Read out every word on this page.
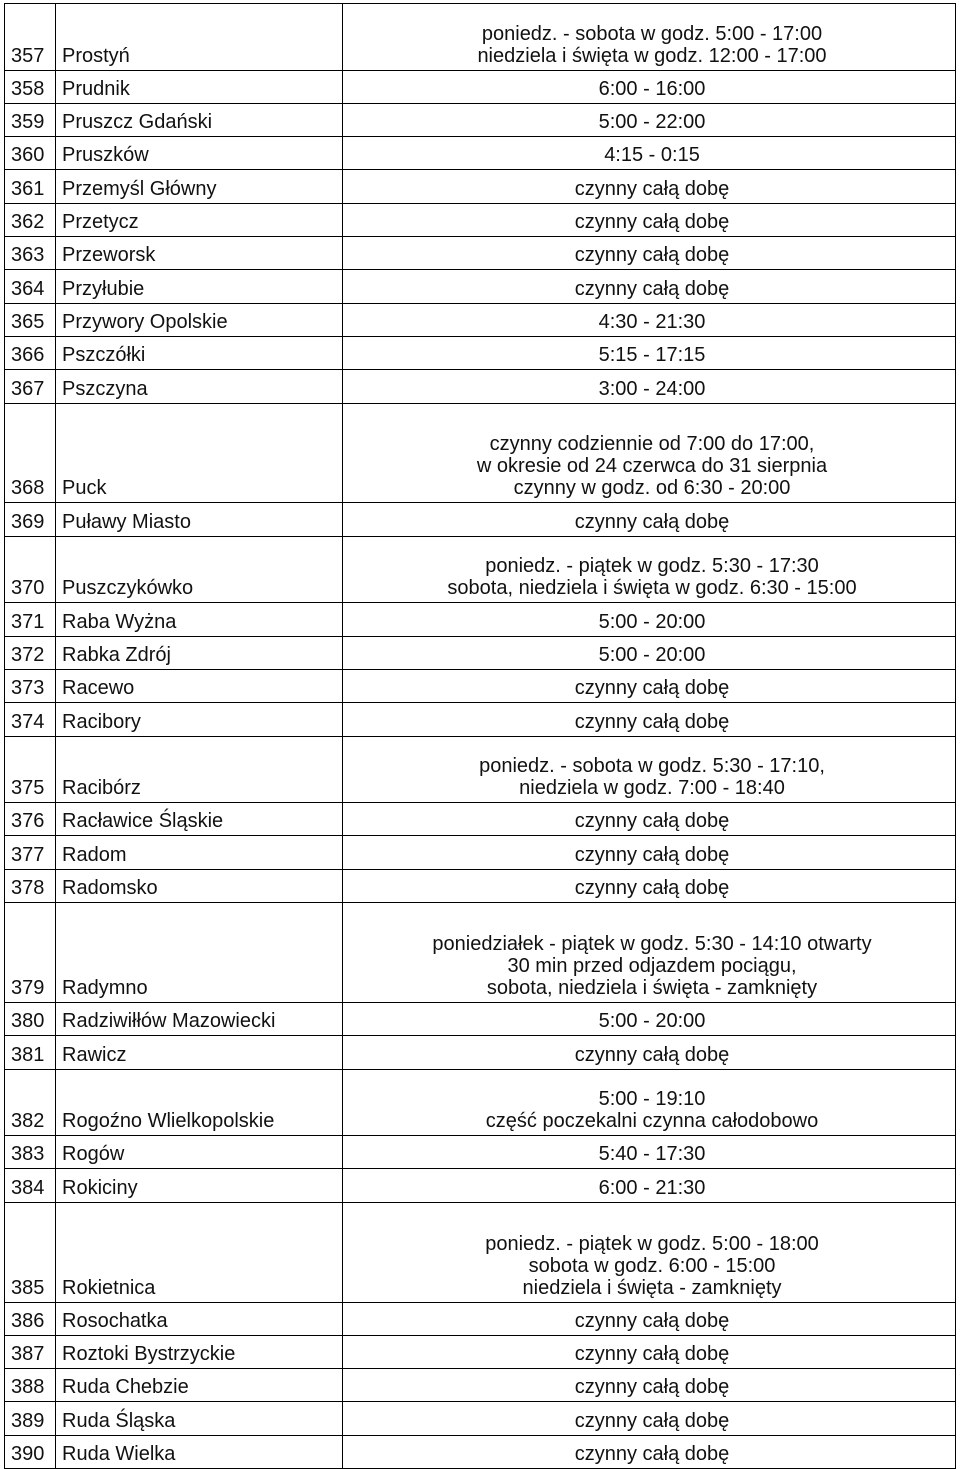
357	Prostyń	poniedz. - sobota w godz. 5:00 - 17:00
niedziela i święta w godz. 12:00 - 17:00

358	Prudnik	6:00 - 16:00

359	Pruszcz Gdański	5:00 - 22:00

360	Pruszków	4:15 - 0:15

361	Przemyśl Główny	czynny całą dobę

362	Przetycz	czynny całą dobę

363	Przeworsk	czynny całą dobę

364	Przyłubie	czynny całą dobę

365	Przywory Opolskie	4:30 - 21:30

366	Pszczółki	5:15 - 17:15

367	Pszczyna	3:00 - 24:00

368	Puck	czynny codziennie od 7:00 do 17:00,
w okresie od 24 czerwca do 31 sierpnia
czynny w godz. od 6:30 - 20:00

369	Puławy Miasto	czynny całą dobę

370	Puszczykówko	poniedz. - piątek w godz. 5:30 - 17:30
sobota, niedziela i święta w godz. 6:30 - 15:00

371	Raba Wyżna	5:00 - 20:00

372	Rabka Zdrój	5:00 - 20:00

373	Racewo	czynny całą dobę

374	Racibory	czynny całą dobę

375	Racibórz	poniedz. - sobota w godz. 5:30 - 17:10,
niedziela w godz. 7:00 - 18:40

376	Racławice Śląskie	czynny całą dobę

377	Radom	czynny całą dobę

378	Radomsko	czynny całą dobę

379	Radymno	poniedziałek - piątek w godz. 5:30 - 14:10 otwarty
30 min przed odjazdem pociągu,
sobota, niedziela i święta - zamknięty

380	Radziwiłłów Mazowiecki	5:00 - 20:00

381	Rawicz	czynny całą dobę

382	Rogoźno Wlielkopolskie	5:00 - 19:10
część poczekalni czynna całodobowo

383	Rogów	5:40 - 17:30

384	Rokiciny	6:00 - 21:30

385	Rokietnica	poniedz. - piątek w godz. 5:00 - 18:00
sobota w godz. 6:00 - 15:00
niedziela i święta - zamknięty

386	Rosochatka	czynny całą dobę

387	Roztoki Bystrzyckie	czynny całą dobę

388	Ruda Chebzie	czynny całą dobę

389	Ruda Śląska	czynny całą dobę

390	Ruda Wielka	czynny całą dobę
